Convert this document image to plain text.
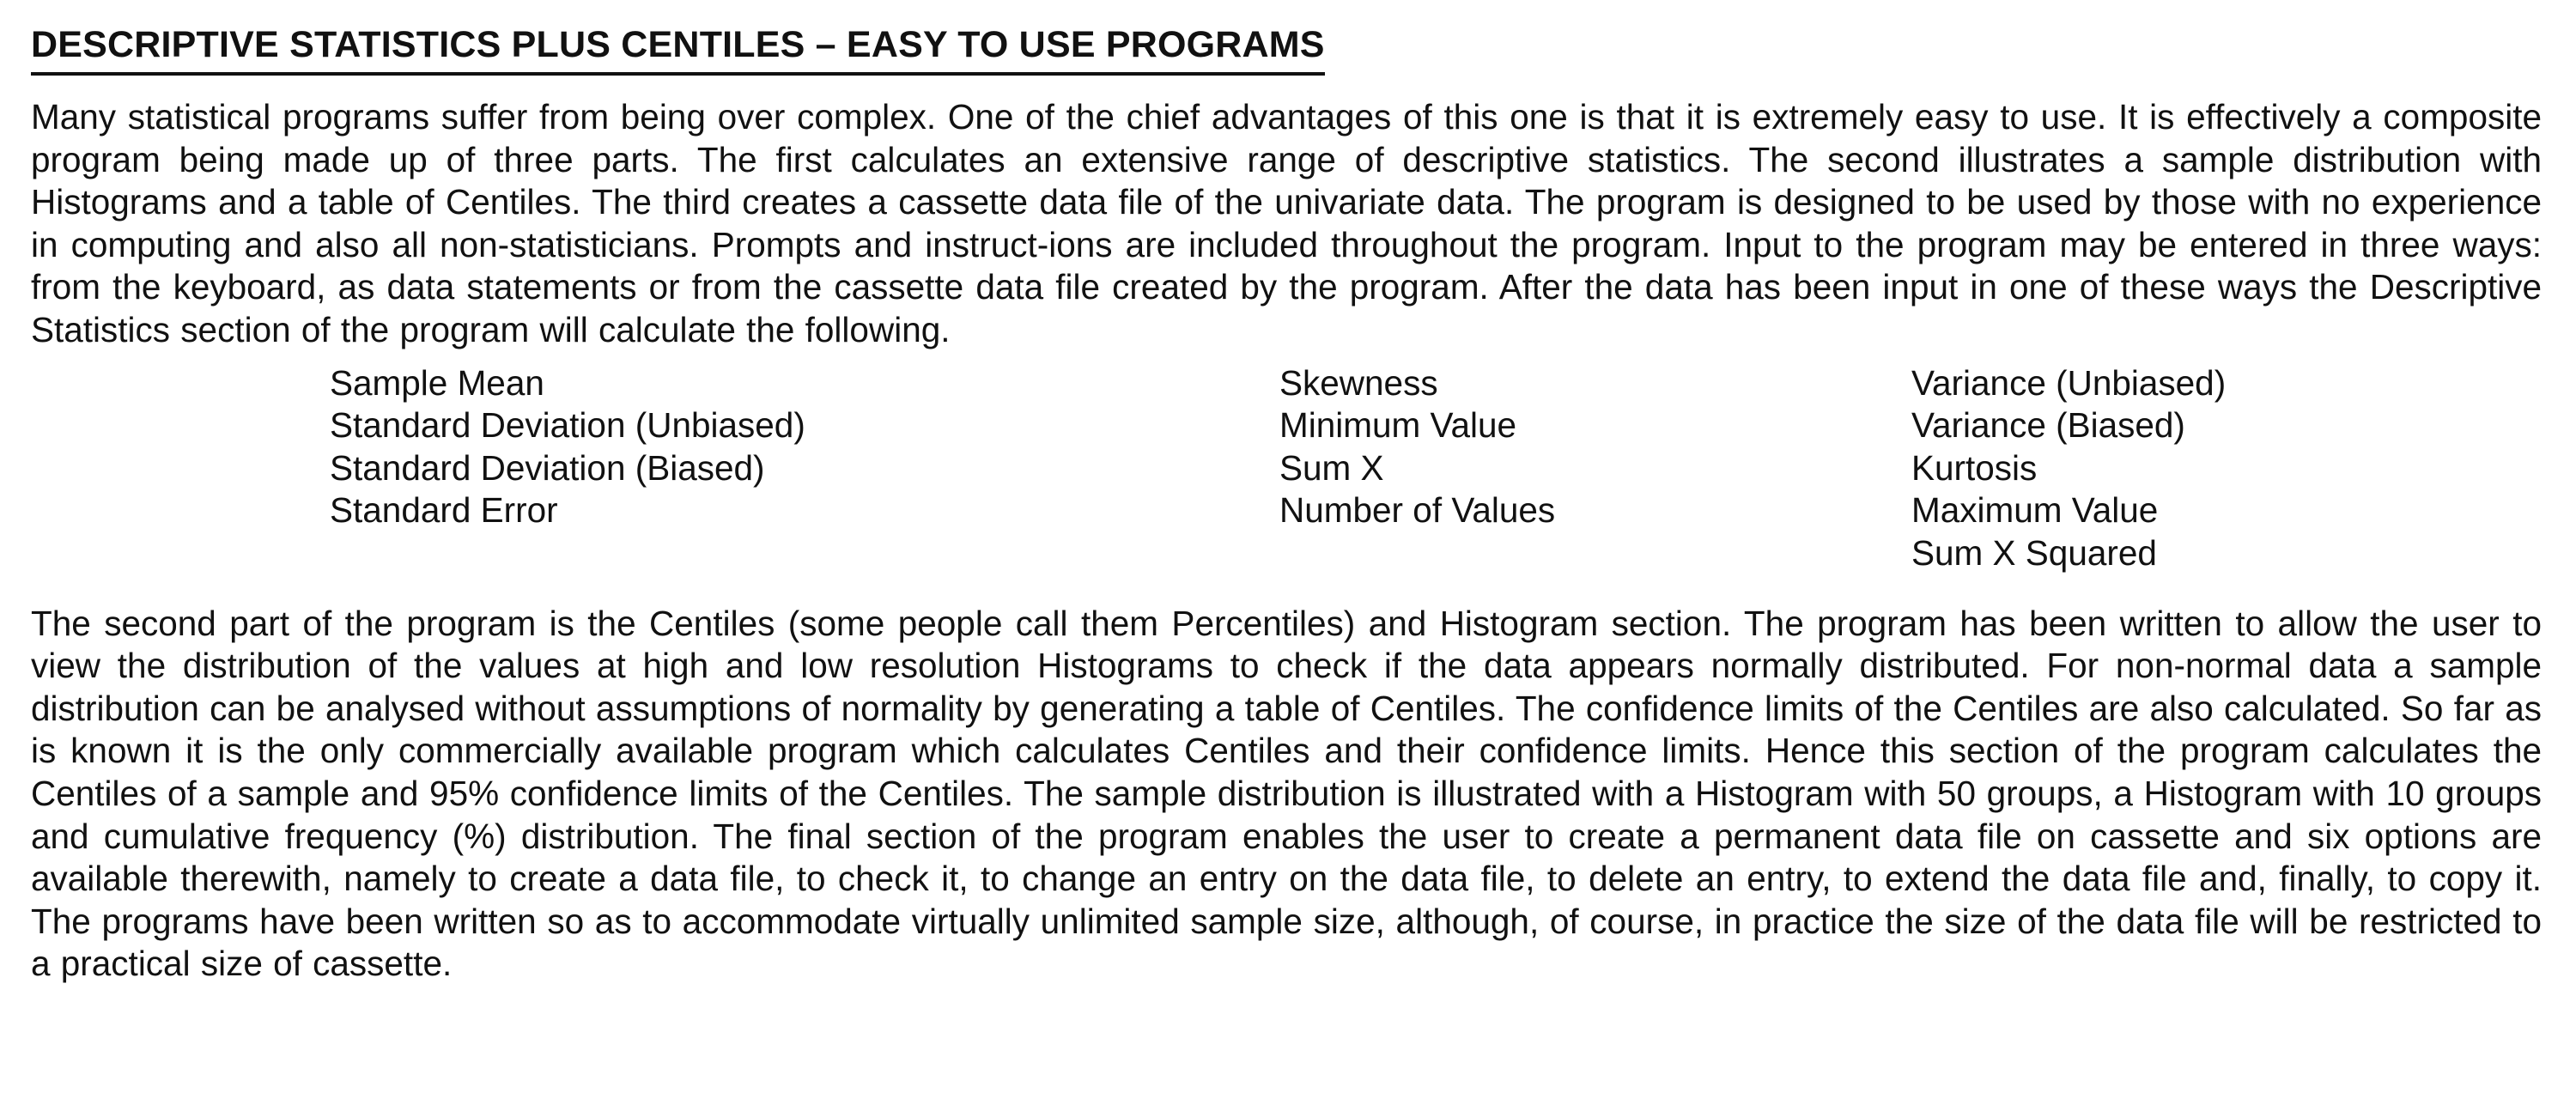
DESCRIPTIVE STATISTICS PLUS CENTILES – EASY TO USE PROGRAMS

Many statistical programs suffer from being over complex. One of the chief advantages of this one is that it is extremely easy to use. It is effectively a composite program being made up of three parts. The first calculates an extensive range of descriptive statistics. The second illustrates a sample distribution with Histograms and a table of Centiles. The third creates a cassette data file of the univariate data. The program is designed to be used by those with no experience in computing and also all non-statisticians. Prompts and instruct-ions are included throughout the program. Input to the program may be entered in three ways: from the keyboard, as data statements or from the cassette data file created by the program. After the data has been input in one of these ways the Descriptive Statistics section of the program will calculate the following.

Sample Mean
Standard Deviation (Unbiased)
Standard Deviation (Biased)
Standard Error
Skewness
Minimum Value
Sum X
Number of Values
Variance (Unbiased)
Variance (Biased)
Kurtosis
Maximum Value
Sum X Squared

The second part of the program is the Centiles (some people call them Percentiles) and Histogram section. The program has been written to allow the user to view the distribution of the values at high and low resolution Histograms to check if the data appears normally distributed. For non-normal data a sample distribution can be analysed without assumptions of normality by generating a table of Centiles. The confidence limits of the Centiles are also calculated. So far as is known it is the only commercially available program which calculates Centiles and their confidence limits. Hence this section of the program calculates the Centiles of a sample and 95% confidence limits of the Centiles. The sample distribution is illustrated with a Histogram with 50 groups, a Histogram with 10 groups and cumulative frequency (%) distribution. The final section of the program enables the user to create a permanent data file on cassette and six options are available therewith, namely to create a data file, to check it, to change an entry on the data file, to delete an entry, to extend the data file and, finally, to copy it. The programs have been written so as to accommodate virtually unlimited sample size, although, of course, in practice the size of the data file will be restricted to a practical size of cassette.
